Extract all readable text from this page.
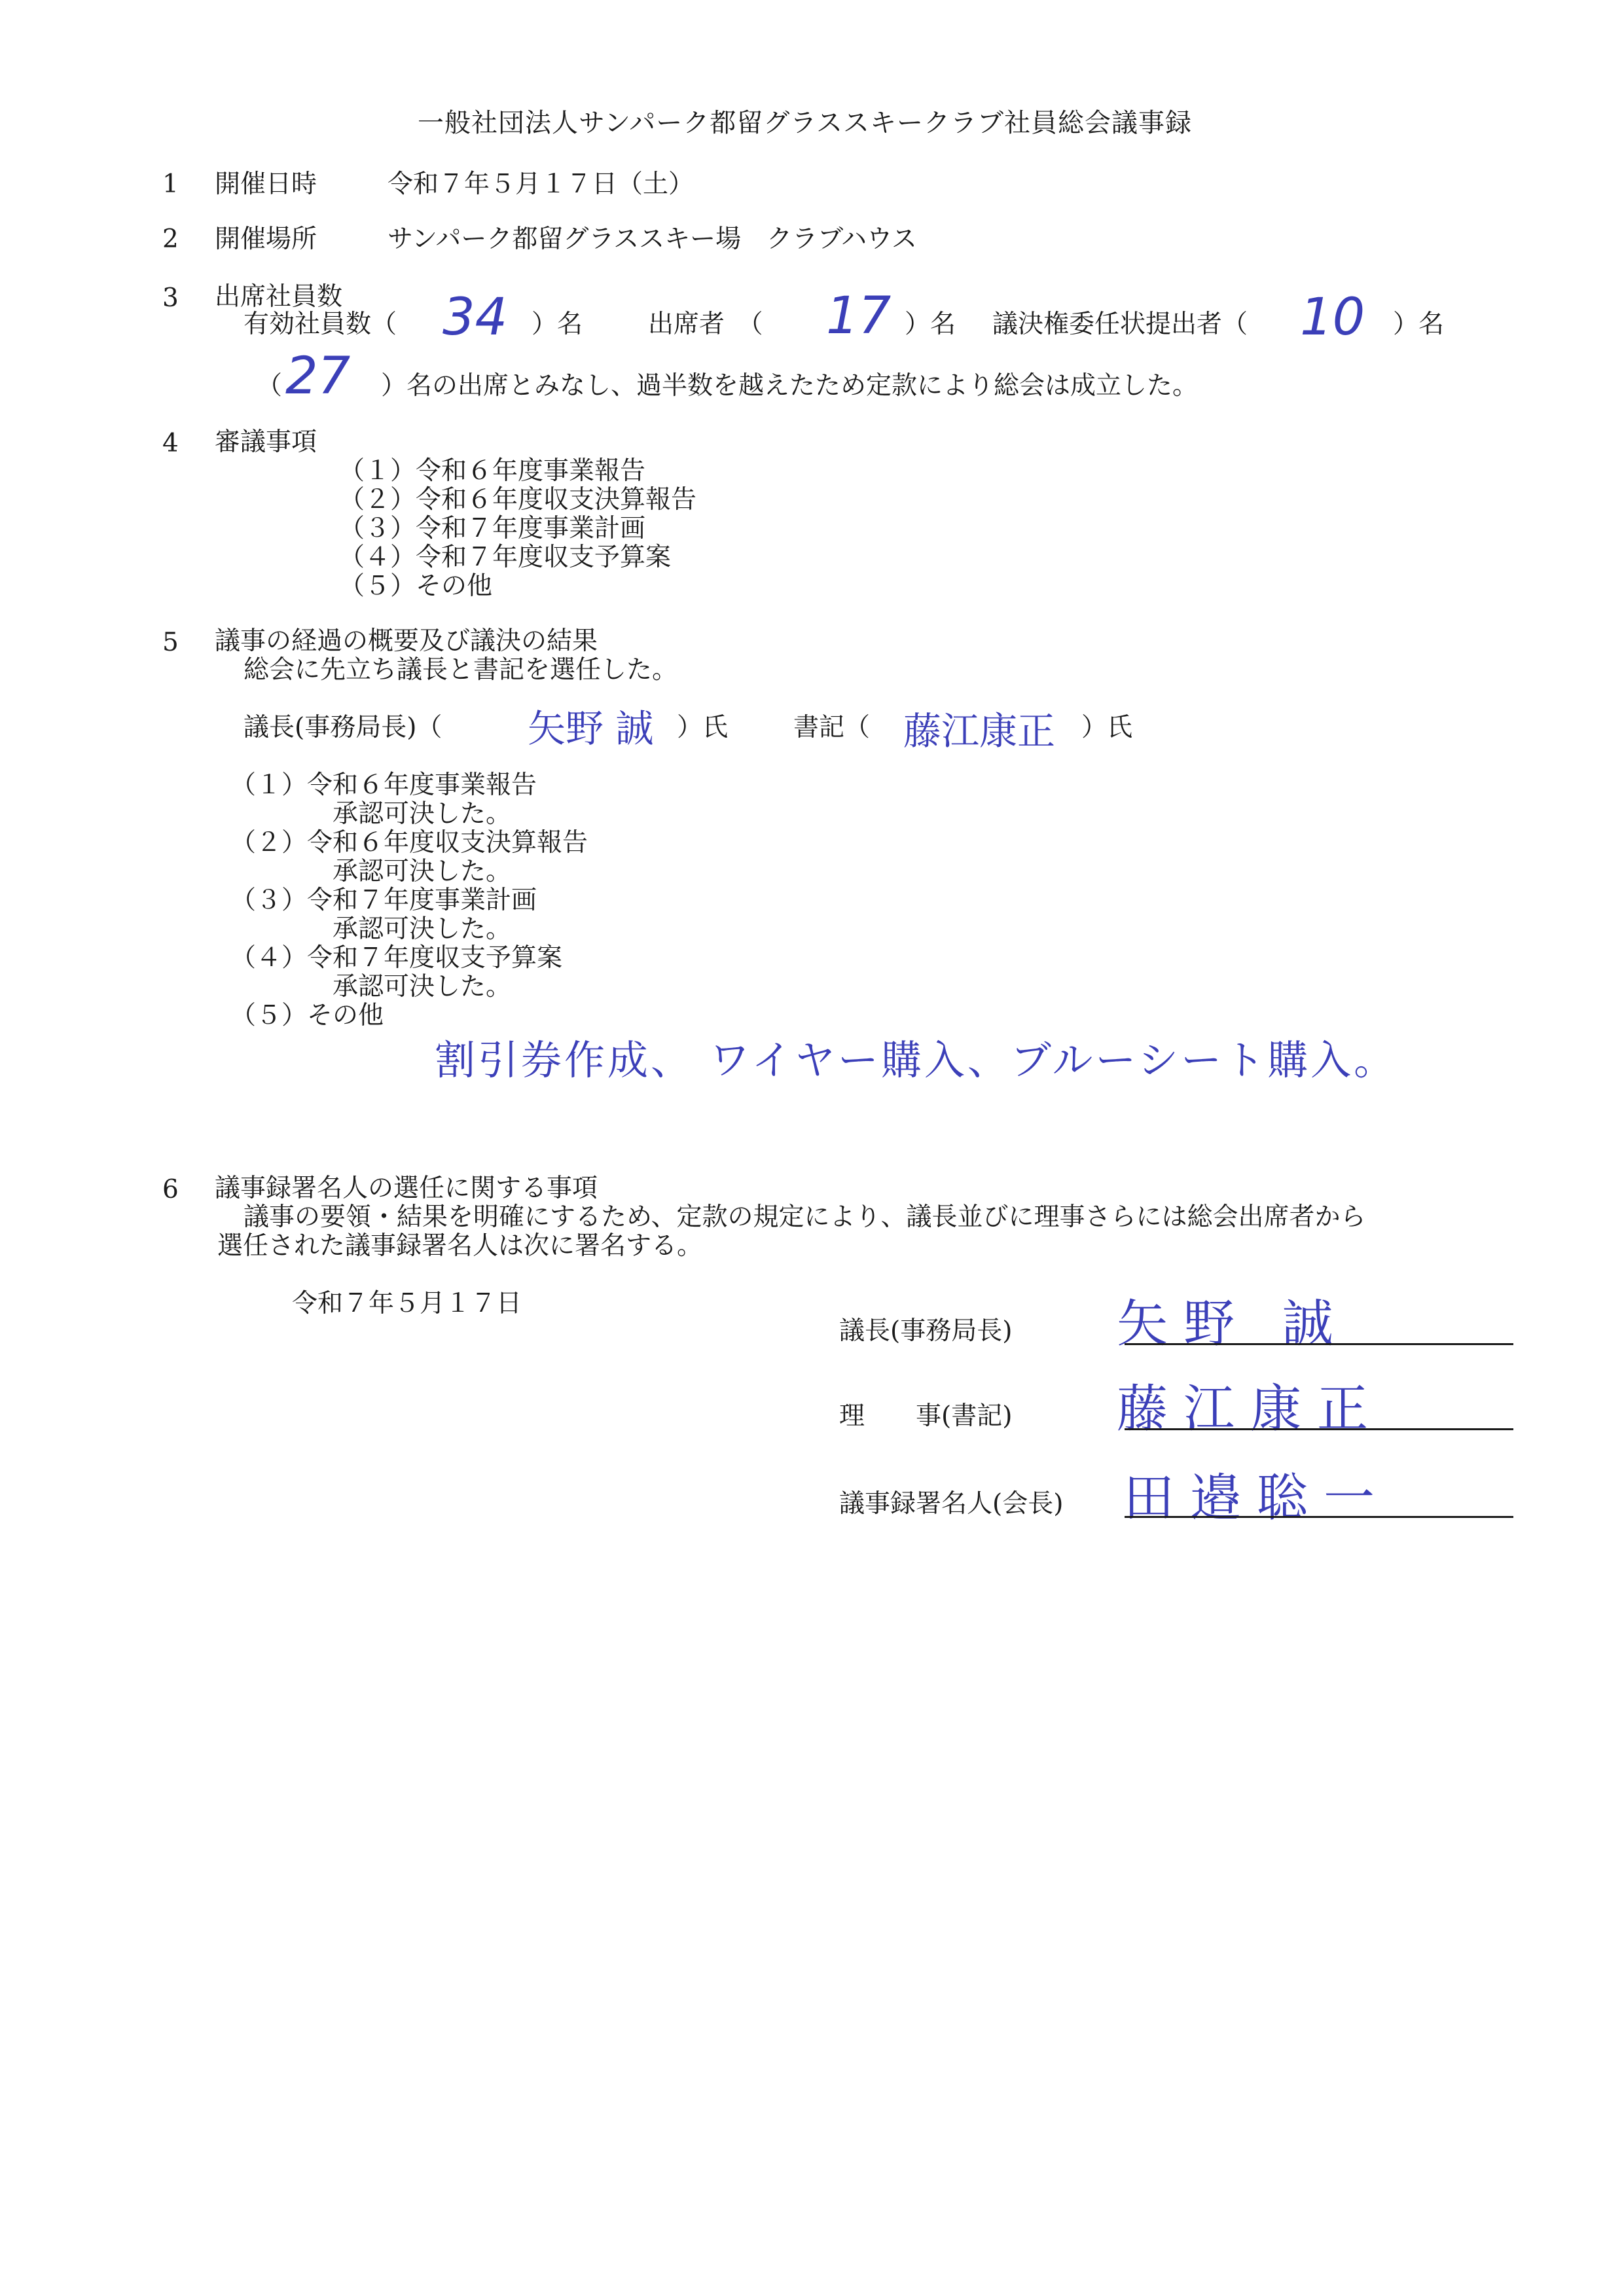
一般社団法人サンパーク都留グラススキークラブ社員総会議事録
1 開催日時	令和７年５月１７日（土）
2 開催場所	サンパーク都留グラススキー場　クラブハウス
3 出席社員数
有効社員数（ 34 ）名	出席者　（ 17 ）名 議決権委任状提出者（ 10 ）名
（ 27 ）名の出席とみなし、過半数を越えたため定款により総会は成立した。
4 審議事項
（１）令和６年度事業報告
（２）令和６年度収支決算報告
（３）令和７年度事業計画
（４）令和７年度収支予算案
（５）その他
5 議事の経過の概要及び議決の結果
総会に先立ち議長と書記を選任した。
議長(事務局長)（ 矢野 誠 ）氏	書記（ 藤江康正 ）氏
（１）令和６年度事業報告
承認可決した。
（２）令和６年度収支決算報告
承認可決した。
（３）令和７年度事業計画
承認可決した。
（４）令和７年度収支予算案
承認可決した。
（５）その他
割引券作成、 ワイヤー購入、ブルーシート購入。
6 議事録署名人の選任に関する事項
議事の要領・結果を明確にするため、定款の規定により、議長並びに理事さらには総会出席者から
選任された議事録署名人は次に署名する。
令和７年５月１７日
議長(事務局長) 矢野 誠
理　　事(書記) 藤江康正
議事録署名人(会長) 田邉聡一
